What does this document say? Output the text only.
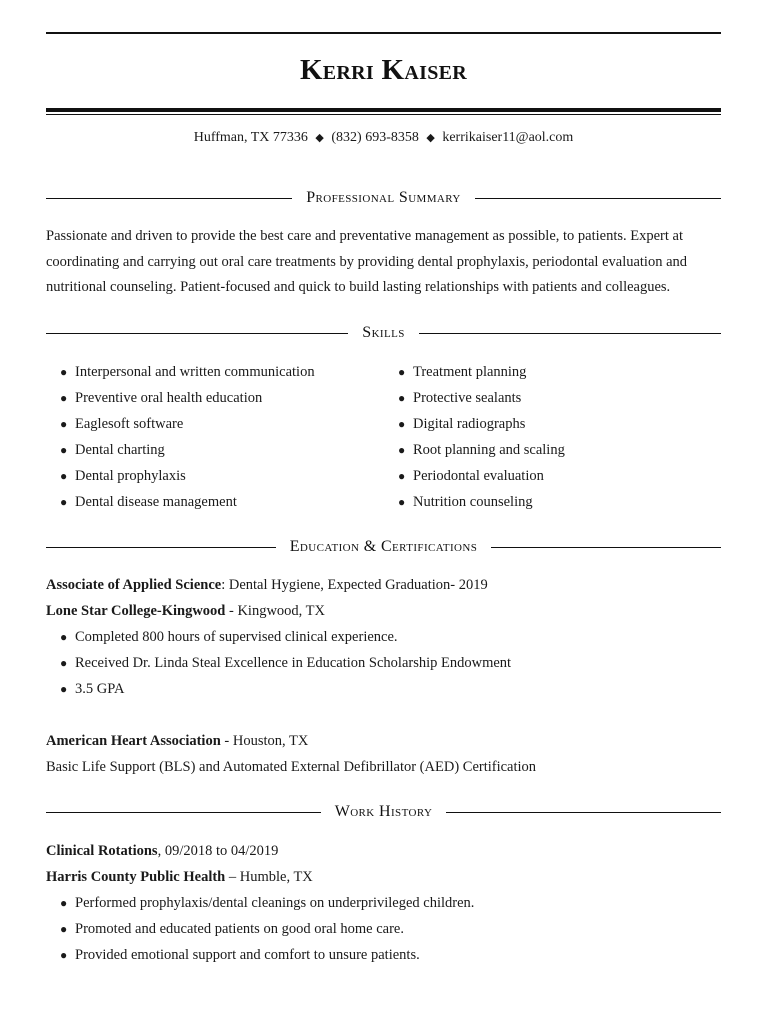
Kerri Kaiser
Huffman, TX 77336 ◆ (832) 693-8358 ◆ kerrikaiser11@aol.com
Professional Summary
Passionate and driven to provide the best care and preventative management as possible, to patients. Expert at
coordinating and carrying out oral care treatments by providing dental prophylaxis, periodontal evaluation and
nutritional counseling. Patient-focused and quick to build lasting relationships with patients and colleagues.
Skills
● Interpersonal and written communication
● Preventive oral health education
● Eaglesoft software
● Dental charting
● Dental prophylaxis
● Dental disease management
● Treatment planning
● Protective sealants
● Digital radiographs
● Root planning and scaling
● Periodontal evaluation
● Nutrition counseling
Education & Certifications
Associate of Applied Science: Dental Hygiene, Expected Graduation- 2019
Lone Star College-Kingwood - Kingwood, TX
● Completed 800 hours of supervised clinical experience.
● Received Dr. Linda Steal Excellence in Education Scholarship Endowment
● 3.5 GPA
American Heart Association - Houston, TX
Basic Life Support (BLS) and Automated External Defibrillator (AED) Certification
Work History
Clinical Rotations, 09/2018 to 04/2019
Harris County Public Health – Humble, TX
● Performed prophylaxis/dental cleanings on underprivileged children.
● Promoted and educated patients on good oral home care.
● Provided emotional support and comfort to unsure patients.
